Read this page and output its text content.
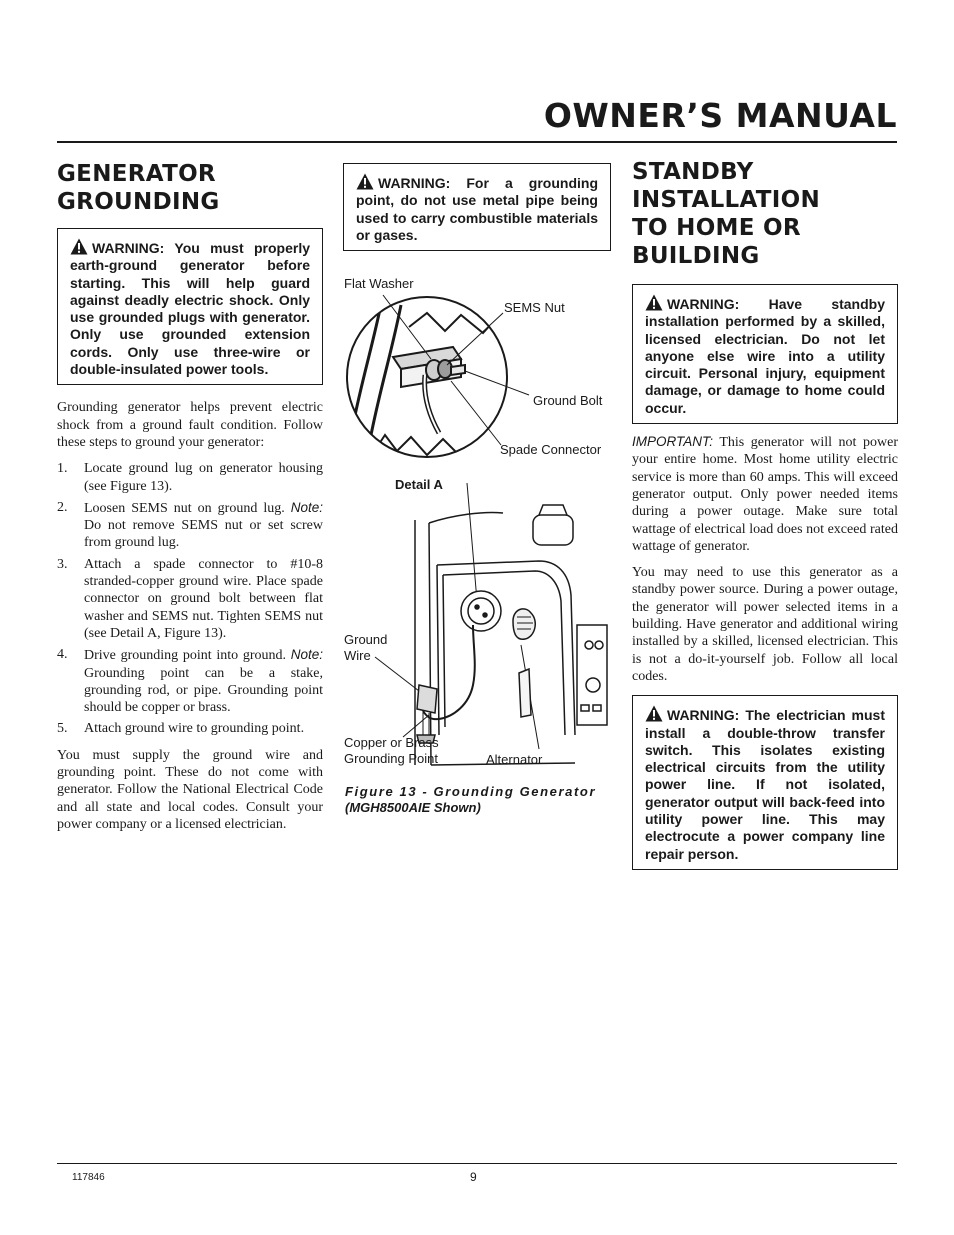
OWNER’S MANUAL
GENERATOR
GROUNDING
WARNING: You must properly earth-ground generator before starting. This will help guard against deadly electric shock. Only use grounded plugs with generator. Only use grounded extension cords. Only use three-wire or double-insulated power tools.

Grounding generator helps prevent electric shock from a ground fault condition. Follow these steps to ground your generator:

1. Locate ground lug on generator housing (see Figure 13).
2. Loosen SEMS nut on ground lug. Note: Do not remove SEMS nut or set screw from ground lug.
3. Attach a spade connector to #10-8 stranded-copper ground wire. Place spade connector on ground bolt between flat washer and SEMS nut. Tighten SEMS nut (see Detail A, Figure 13).
4. Drive grounding point into ground. Note: Grounding point can be a stake, grounding rod, or pipe. Grounding point should be copper or brass.
5. Attach ground wire to grounding point.

You must supply the ground wire and grounding point. These do not come with generator. Follow the National Electrical Code and all state and local codes. Consult your power company or a licensed electrician.

WARNING: For a grounding point, do not use metal pipe being used to carry combustible materials or gases.
Flat Washer
SEMS Nut
Ground Bolt
Spade Connector
Detail A
Ground
Wire
Copper or Brass
Grounding Point	Alternator
Figure 13 - Grounding Generator
(MGH8500AIE Shown)
STANDBY
INSTALLATION
TO HOME OR
BUILDING
WARNING: Have standby installation performed by a skilled, licensed electrician. Do not let anyone else wire into a utility circuit. Personal injury, equipment damage, or damage to home could occur.

IMPORTANT: This generator will not power your entire home. Most home utility electric service is more than 60 amps. This will exceed generator output. Only power needed items during a power outage. Make sure total wattage of electrical load does not exceed rated wattage of generator.

You may need to use this generator as a standby power source. During a power outage, the generator will power selected items in a building. Have generator and additional wiring installed by a skilled, licensed electrician. This is not a do-it-yourself job. Follow all local codes.

WARNING: The electrician must install a double-throw transfer switch. This isolates existing electrical circuits from the utility power line. If not isolated, generator output will back-feed into utility power line. This may electrocute a power company line repair person.
117846	9
